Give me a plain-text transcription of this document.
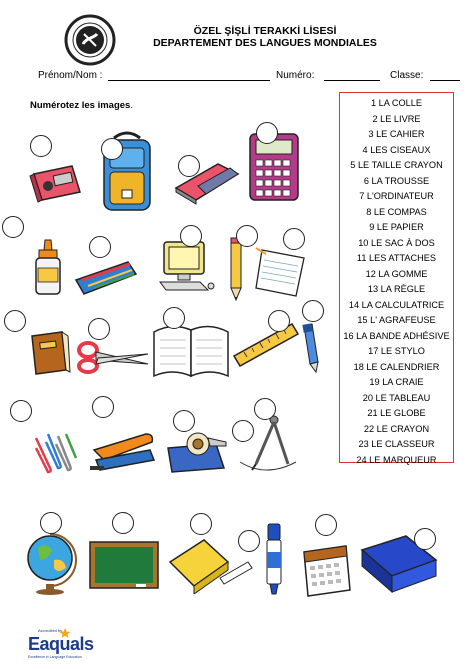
ÖZEL ŞİŞLİ TERAKKİ LİSESİ
DEPARTEMENT DES LANGUES MONDIALES
Prénom/Nom :	Numéro:	Classe:
Numérotez les images.	1 LA COLLE
2 LE LIVRE
3 LE CAHIER
4 LES CISEAUX
5 LE TAILLE CRAYON
6 LA TROUSSE
7 L'ORDINATEUR
8 LE COMPAS
9 LE PAPIER
10 LE SAC À DOS
11 LES ATTACHES
12 LA GOMME
13 LA RÈGLE
14 LA CALCULATRICE
15 L' AGRAFEUSE
16 LA BANDE ADHÉSIVE
17 LE STYLO
18 LE CALENDRIER
19 LA CRAIE
20 LE TABLEAU
21 LE GLOBE
22 LE CRAYON
23 LE CLASSEUR
24 LE MARQUEUR
Accredited by
Eaquals
Excellence in Language Education
